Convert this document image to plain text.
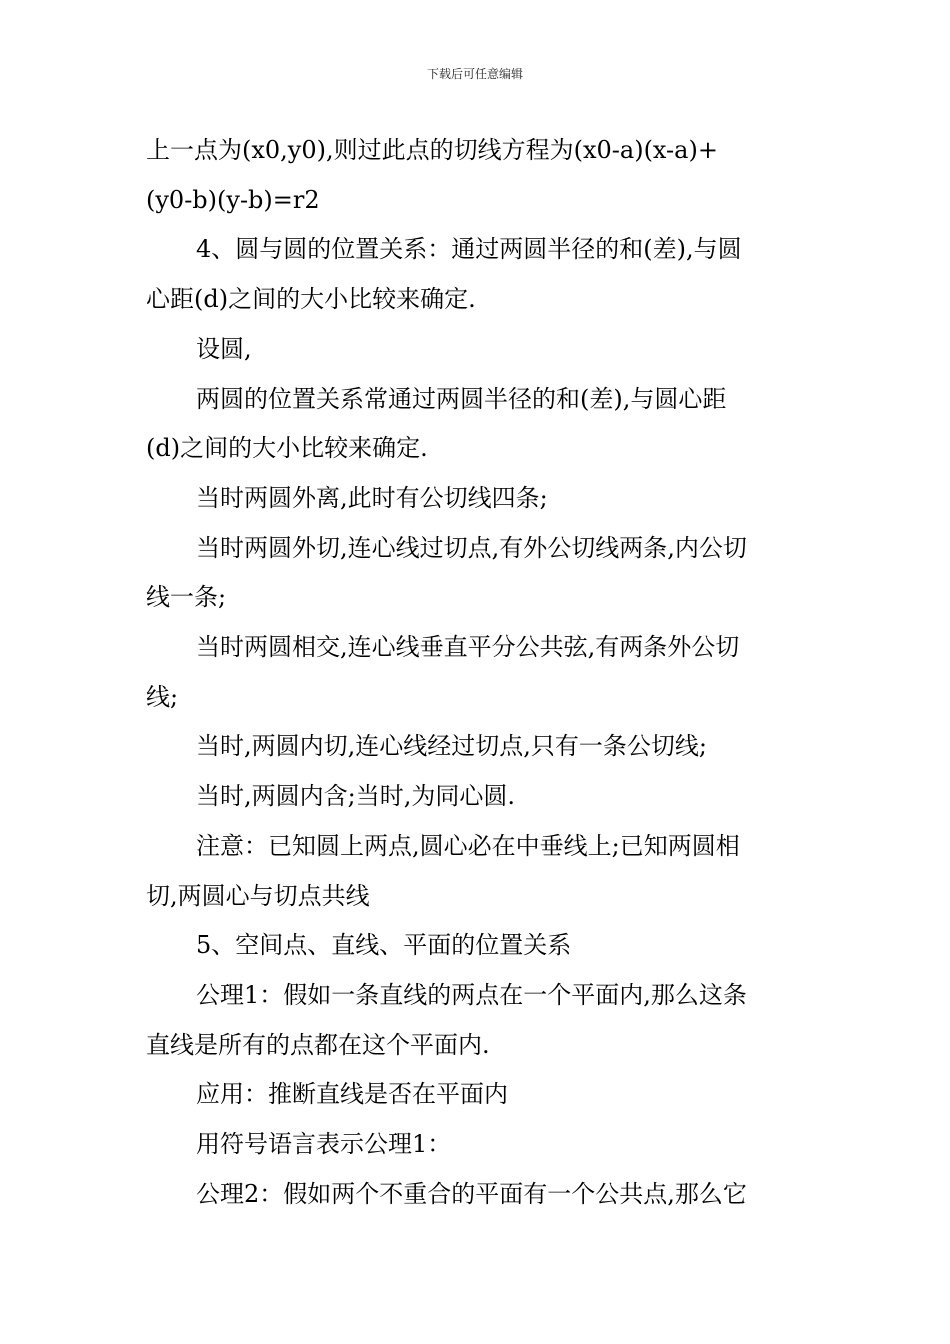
下载后可任意编辑

上一点为(x0,y0),则过此点的切线方程为(x0-a)(x-a)+

(y0-b)(y-b)=r2

4、圆与圆的位置关系：通过两圆半径的和(差),与圆

心距(d)之间的大小比较来确定.

设圆,

两圆的位置关系常通过两圆半径的和(差),与圆心距

(d)之间的大小比较来确定.

当时两圆外离,此时有公切线四条;

当时两圆外切,连心线过切点,有外公切线两条,内公切

线一条;

当时两圆相交,连心线垂直平分公共弦,有两条外公切

线;

当时,两圆内切,连心线经过切点,只有一条公切线;

当时,两圆内含;当时,为同心圆.

注意：已知圆上两点,圆心必在中垂线上;已知两圆相

切,两圆心与切点共线

5、空间点、直线、平面的位置关系

公理1：假如一条直线的两点在一个平面内,那么这条

直线是所有的点都在这个平面内.

应用：推断直线是否在平面内

用符号语言表示公理1：

公理2：假如两个不重合的平面有一个公共点,那么它
